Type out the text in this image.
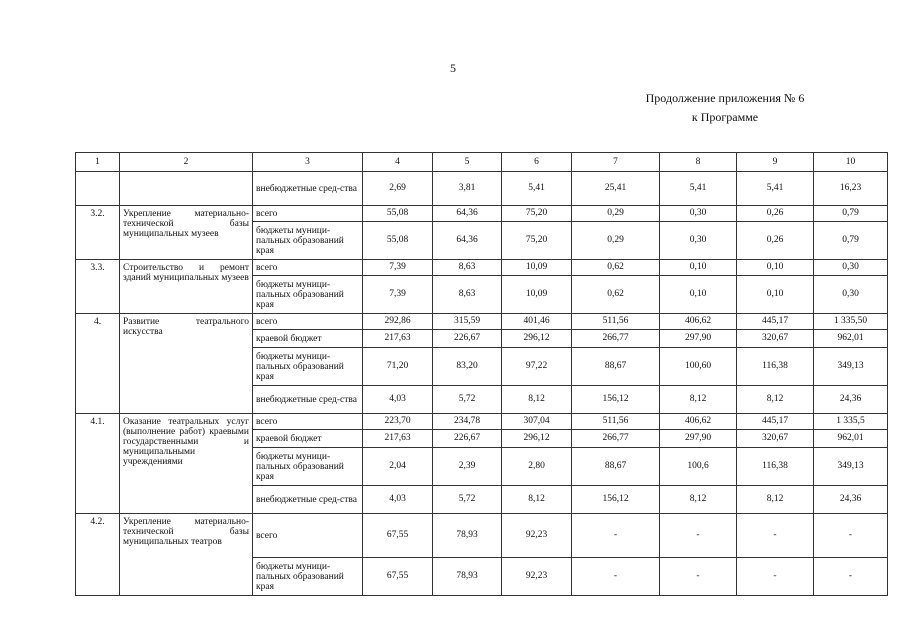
5
Продолжение приложения № 6
к Программе
1	2	3	4	5	6	7	8	9	10
		внебюджетные сред-ства	2,69	3,81	5,41	25,41	5,41	5,41	16,23
3.2.	Укрепление материально-технической базы муниципальных музеев	всего	55,08	64,36	75,20	0,29	0,30	0,26	0,79
		бюджеты муници-пальных образований края	55,08	64,36	75,20	0,29	0,30	0,26	0,79
3.3.	Строительство и ремонт зданий муниципальных музеев	всего	7,39	8,63	10,09	0,62	0,10	0,10	0,30
		бюджеты муници-пальных образований края	7,39	8,63	10,09	0,62	0,10	0,10	0,30
4.	Развитие театрального искусства	всего	292,86	315,59	401,46	511,56	406,62	445,17	1 335,50
		краевой бюджет	217,63	226,67	296,12	266,77	297,90	320,67	962,01
		бюджеты муници-пальных образований края	71,20	83,20	97,22	88,67	100,60	116,38	349,13
		внебюджетные сред-ства	4,03	5,72	8,12	156,12	8,12	8,12	24,36
4.1.	Оказание театральных услуг (выполнение работ) краевыми государственными и муниципальными учреждениями	всего	223,70	234,78	307,04	511,56	406,62	445,17	1 335,5
		краевой бюджет	217,63	226,67	296,12	266,77	297,90	320,67	962,01
		бюджеты муници-пальных образований края	2,04	2,39	2,80	88,67	100,6	116,38	349,13
		внебюджетные сред-ства	4,03	5,72	8,12	156,12	8,12	8,12	24,36
4.2.	Укрепление материально-технической базы муниципальных театров	всего	67,55	78,93	92,23	-	-	-	-
		бюджеты муници-пальных образований края	67,55	78,93	92,23	-	-	-	-
